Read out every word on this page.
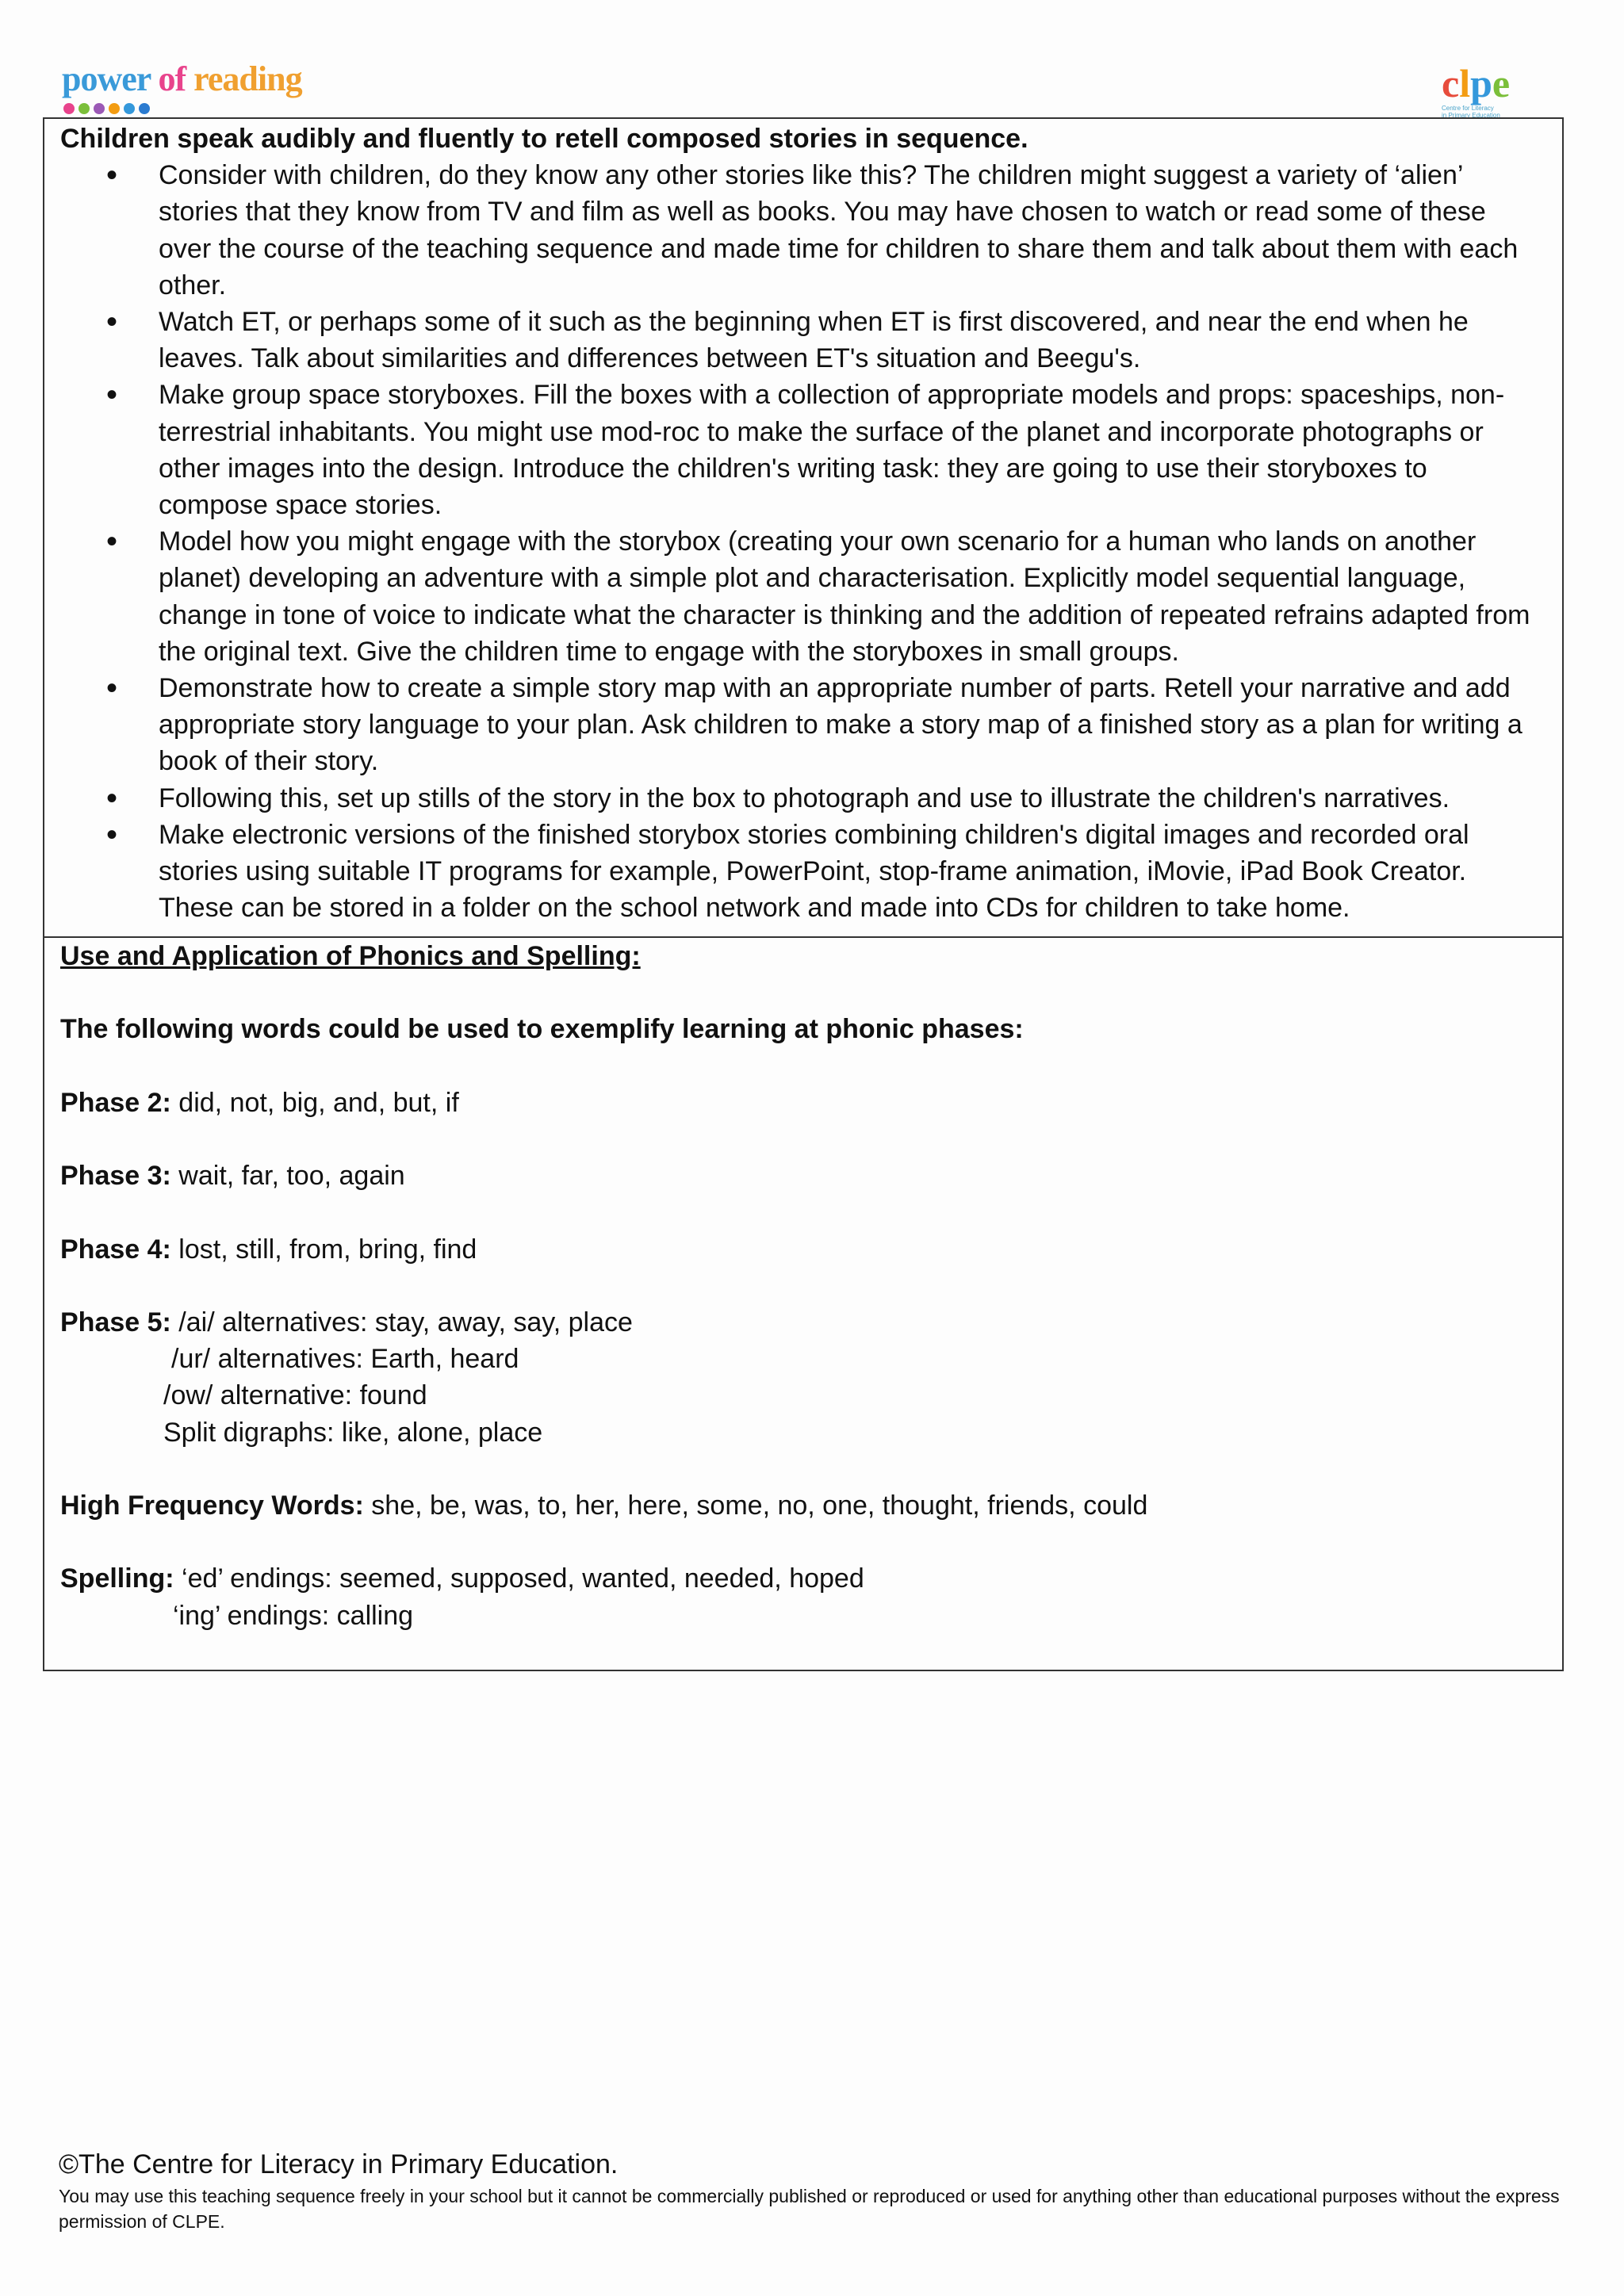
power of reading	clpe
Centre for Literacy
in Primary Education
Children speak audibly and fluently to retell composed stories in sequence.
• Consider with children, do they know any other stories like this? The children might suggest a variety of ‘alien’ stories that they know from TV and film as well as books. You may have chosen to watch or read some of these over the course of the teaching sequence and made time for children to share them and talk about them with each other.
• Watch ET, or perhaps some of it such as the beginning when ET is first discovered, and near the end when he leaves. Talk about similarities and differences between ET's situation and Beegu's.
• Make group space storyboxes. Fill the boxes with a collection of appropriate models and props: spaceships, non-terrestrial inhabitants. You might use mod-roc to make the surface of the planet and incorporate photographs or other images into the design. Introduce the children's writing task: they are going to use their storyboxes to compose space stories.
• Model how you might engage with the storybox (creating your own scenario for a human who lands on another planet) developing an adventure with a simple plot and characterisation. Explicitly model sequential language, change in tone of voice to indicate what the character is thinking and the addition of repeated refrains adapted from the original text. Give the children time to engage with the storyboxes in small groups.
• Demonstrate how to create a simple story map with an appropriate number of parts. Retell your narrative and add appropriate story language to your plan. Ask children to make a story map of a finished story as a plan for writing a book of their story.
• Following this, set up stills of the story in the box to photograph and use to illustrate the children's narratives.
• Make electronic versions of the finished storybox stories combining children's digital images and recorded oral stories using suitable IT programs for example, PowerPoint, stop-frame animation, iMovie, iPad Book Creator. These can be stored in a folder on the school network and made into CDs for children to take home.
Use and Application of Phonics and Spelling:
The following words could be used to exemplify learning at phonic phases:
Phase 2: did, not, big, and, but, if
Phase 3: wait, far, too, again
Phase 4: lost, still, from, bring, find
Phase 5: /ai/ alternatives: stay, away, say, place
/ur/ alternatives: Earth, heard
/ow/ alternative: found
Split digraphs: like, alone, place
High Frequency Words: she, be, was, to, her, here, some, no, one, thought, friends, could
Spelling: ‘ed’ endings: seemed, supposed, wanted, needed, hoped
‘ing’ endings: calling
©The Centre for Literacy in Primary Education.
You may use this teaching sequence freely in your school but it cannot be commercially published or reproduced or used for anything other than educational purposes without the express permission of CLPE.
